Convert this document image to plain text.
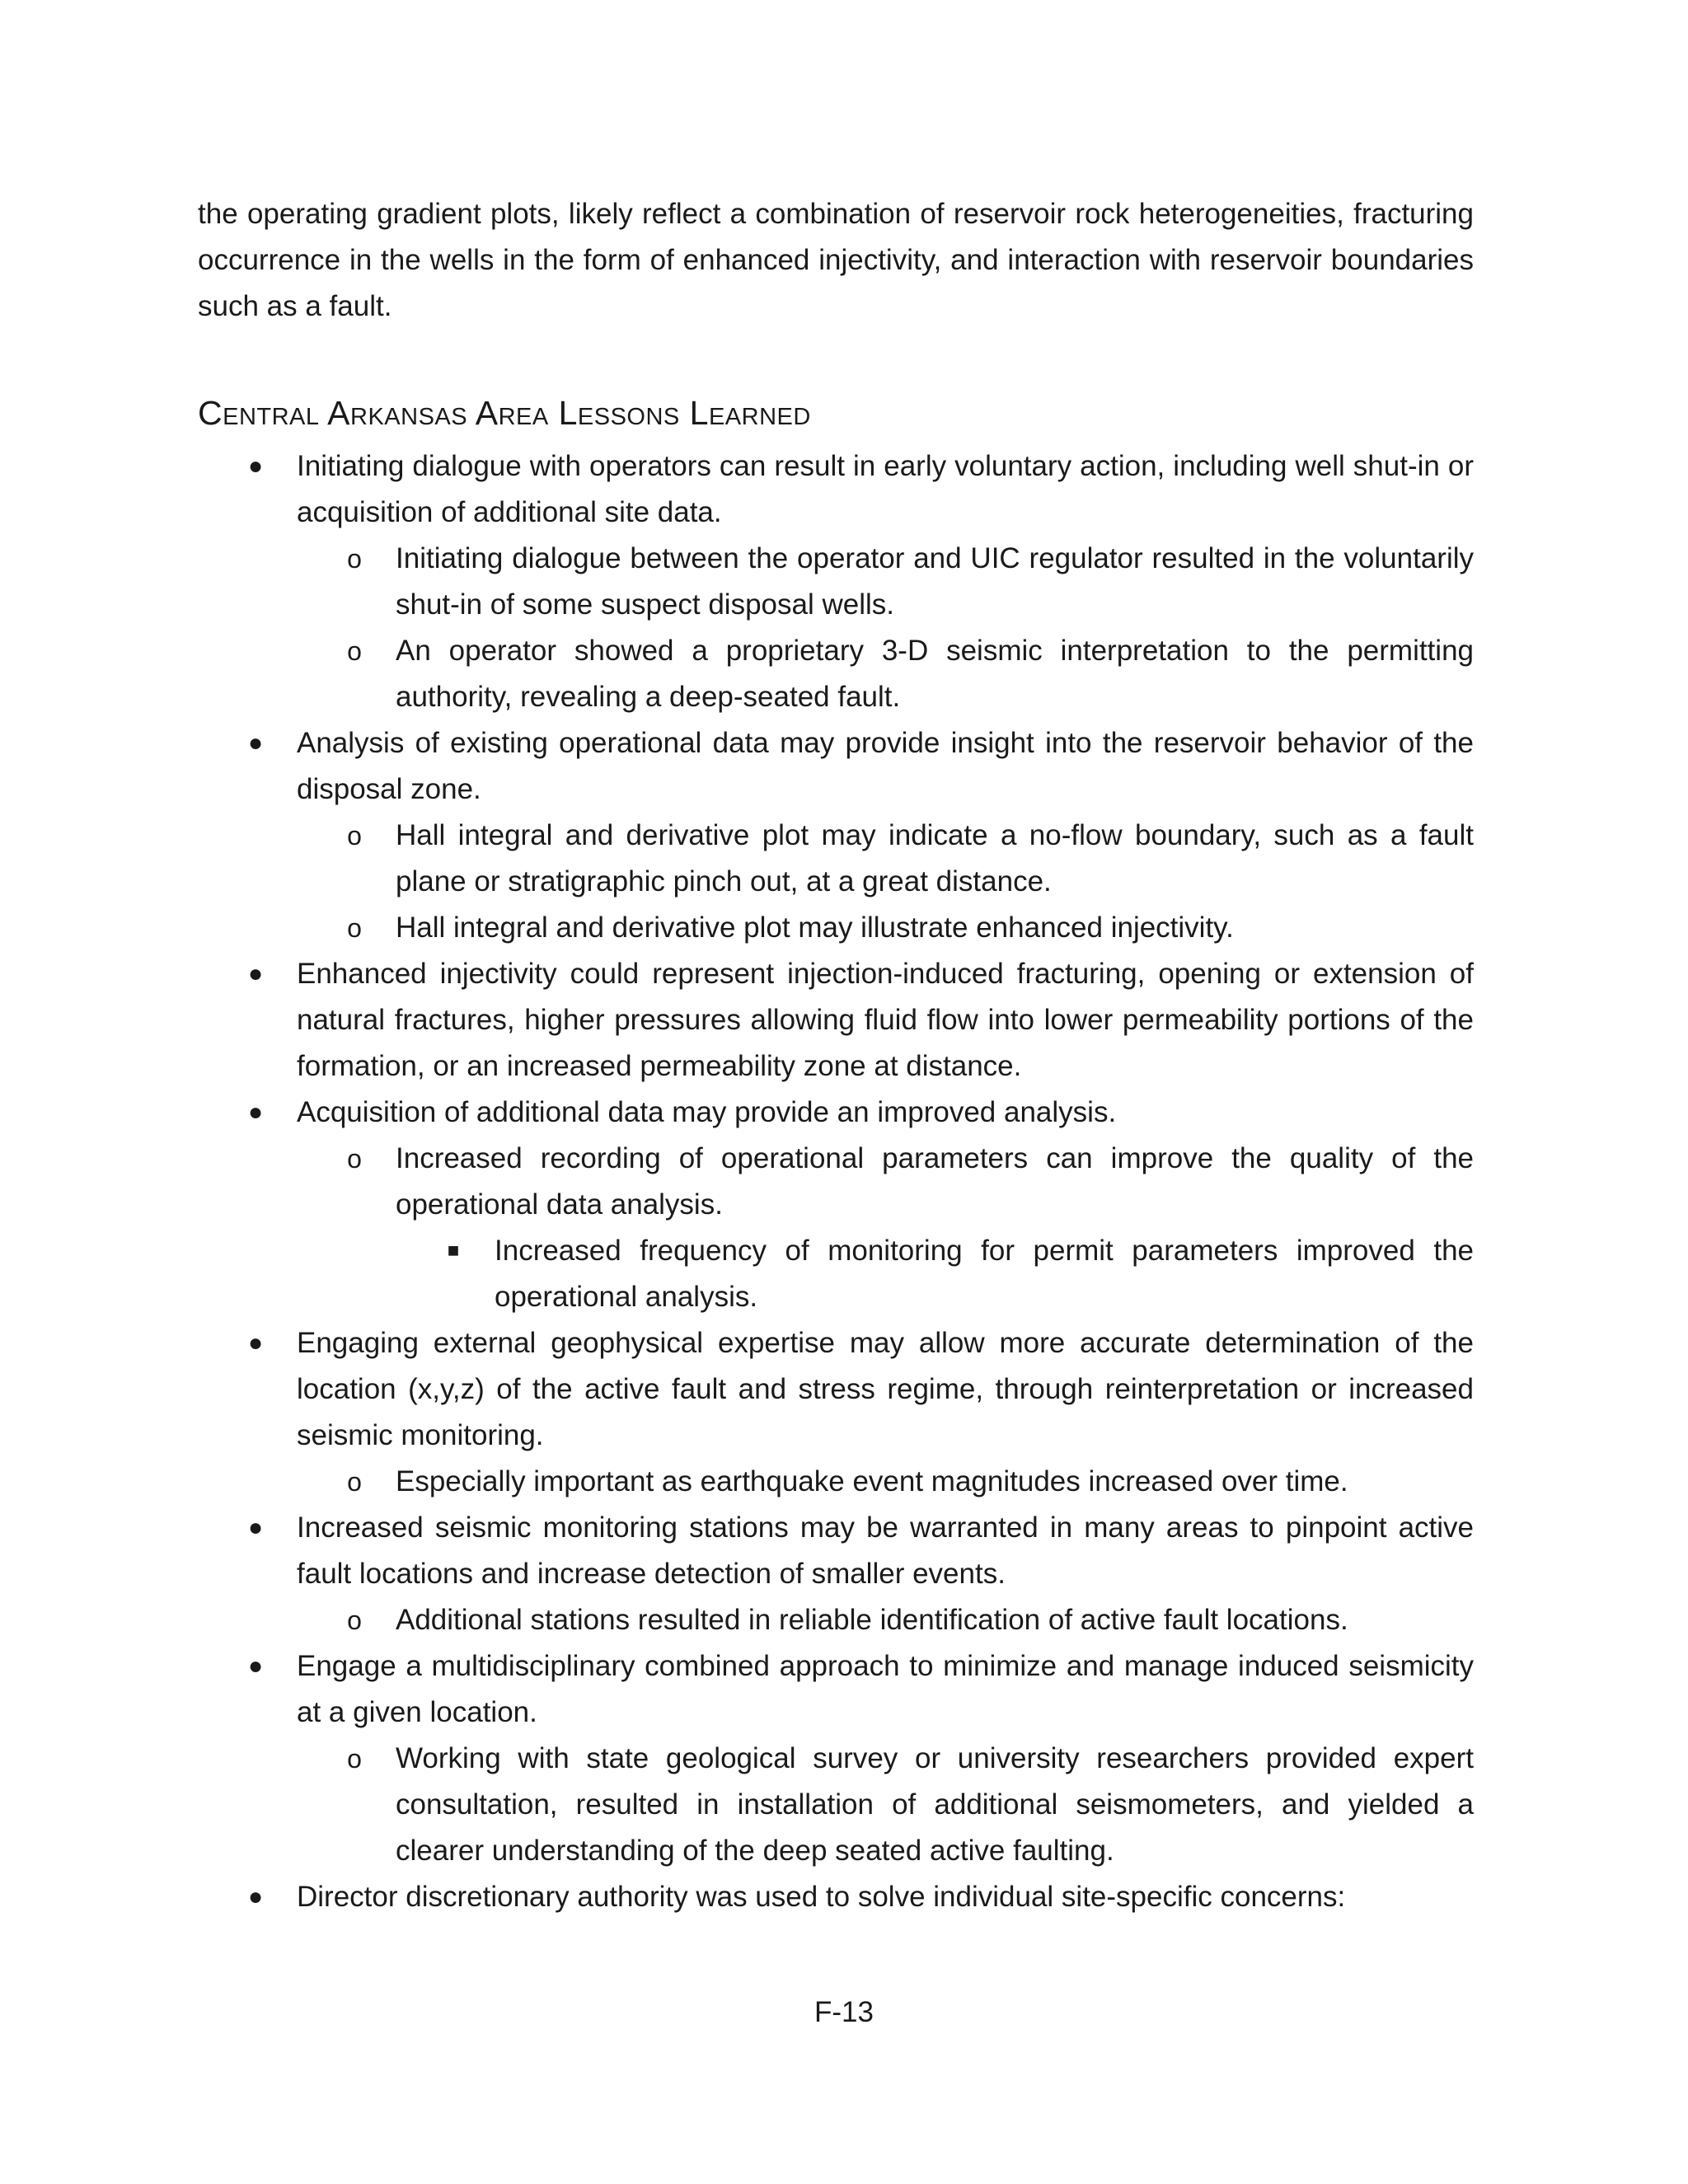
the operating gradient plots, likely reflect a combination of reservoir rock heterogeneities, fracturing occurrence in the wells in the form of enhanced injectivity, and interaction with reservoir boundaries such as a fault.

Central Arkansas Area Lessons Learned
●	Initiating dialogue with operators can result in early voluntary action, including well shut-in or acquisition of additional site data.
o	Initiating dialogue between the operator and UIC regulator resulted in the voluntarily shut-in of some suspect disposal wells.
o	An operator showed a proprietary 3-D seismic interpretation to the permitting authority, revealing a deep-seated fault.
●	Analysis of existing operational data may provide insight into the reservoir behavior of the disposal zone.
o	Hall integral and derivative plot may indicate a no-flow boundary, such as a fault plane or stratigraphic pinch out, at a great distance.
o	Hall integral and derivative plot may illustrate enhanced injectivity.
●	Enhanced injectivity could represent injection-induced fracturing, opening or extension of natural fractures, higher pressures allowing fluid flow into lower permeability portions of the formation, or an increased permeability zone at distance.
●	Acquisition of additional data may provide an improved analysis.
o	Increased recording of operational parameters can improve the quality of the operational data analysis.
■	Increased frequency of monitoring for permit parameters improved the operational analysis.
●	Engaging external geophysical expertise may allow more accurate determination of the location (x,y,z) of the active fault and stress regime, through reinterpretation or increased seismic monitoring.
o	Especially important as earthquake event magnitudes increased over time.
●	Increased seismic monitoring stations may be warranted in many areas to pinpoint active fault locations and increase detection of smaller events.
o	Additional stations resulted in reliable identification of active fault locations.
●	Engage a multidisciplinary combined approach to minimize and manage induced seismicity at a given location.
o	Working with state geological survey or university researchers provided expert consultation, resulted in installation of additional seismometers, and yielded a clearer understanding of the deep seated active faulting.
●	Director discretionary authority was used to solve individual site-specific concerns:
F-13
